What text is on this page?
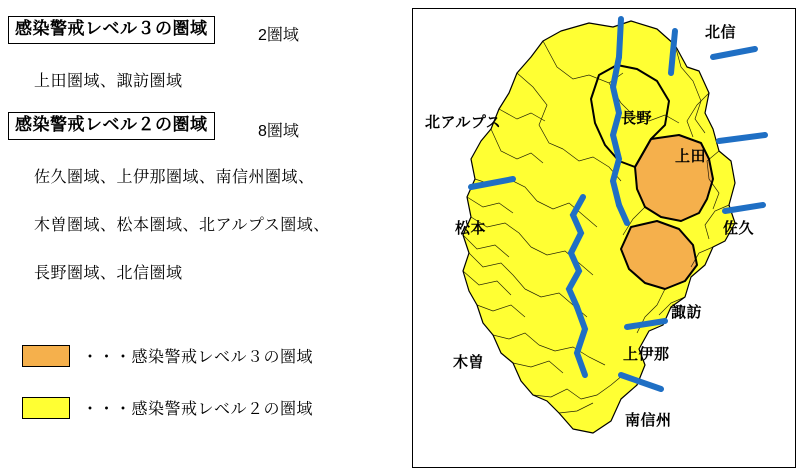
感染警戒レベル３の圏域	2圏域
上田圏域、諏訪圏域
感染警戒レベル２の圏域	8圏域
佐久圏域、上伊那圏域、南信州圏域、
木曽圏域、松本圏域、北アルプス圏域、
長野圏域、北信圏域
・・・感染警戒レベル３の圏域
・・・感染警戒レベル２の圏域
北信
北アルプス	長野
上田
佐久
松本
諏訪
上伊那
木曽
南信州
